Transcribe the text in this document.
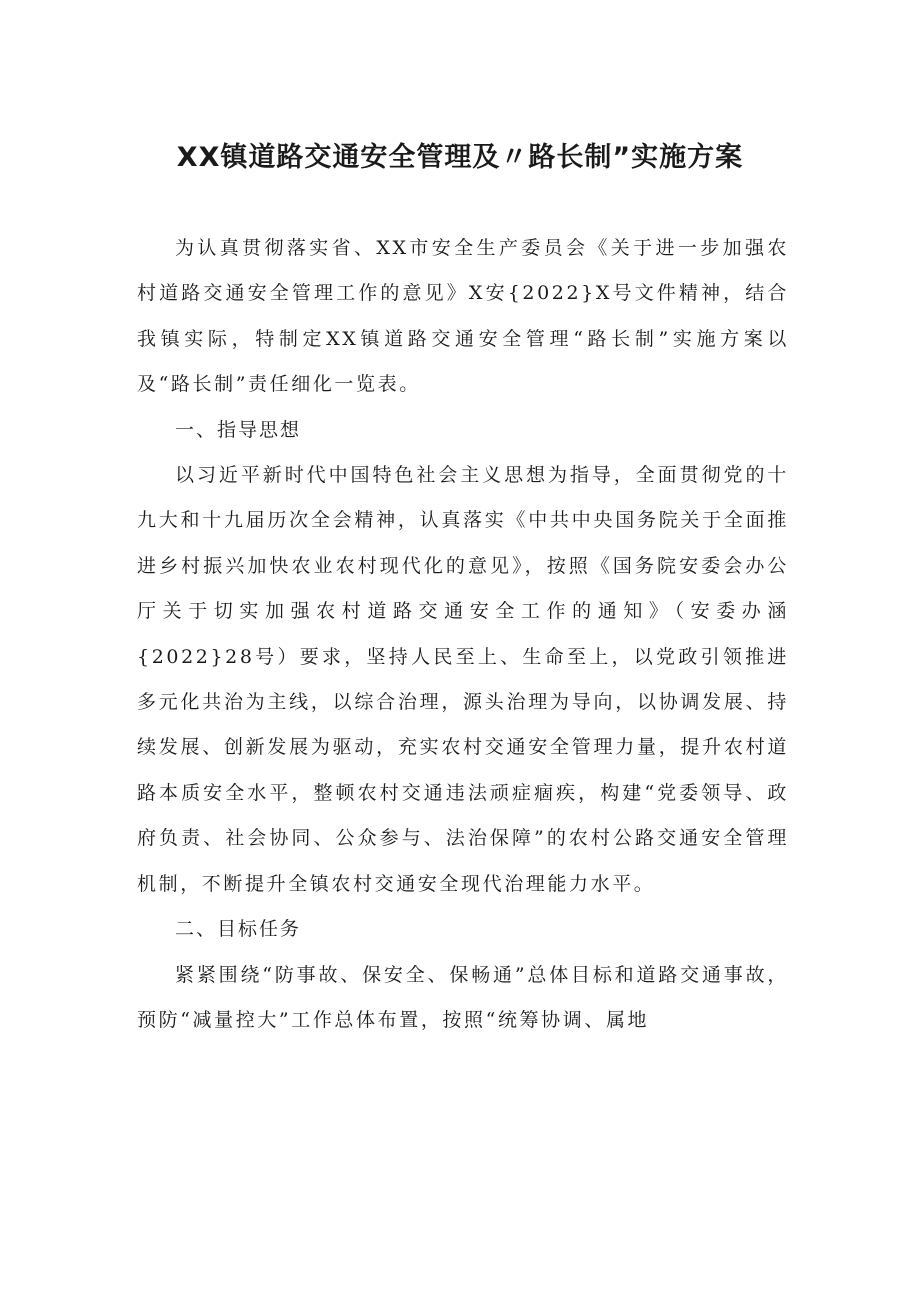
XX镇道路交通安全管理及〃路长制”实施方案

为认真贯彻落实省、XX市安全生产委员会《关于进一步加强农村道路交通安全管理工作的意见》X安{2022}X号文件精神，结合我镇实际，特制定XX镇道路交通安全管理“路长制”实施方案以及“路长制”责任细化一览表。

一、指导思想

以习近平新时代中国特色社会主义思想为指导，全面贯彻党的十九大和十九届历次全会精神，认真落实《中共中央国务院关于全面推进乡村振兴加快农业农村现代化的意见》，按照《国务院安委会办公厅关于切实加强农村道路交通安全工作的通知》（安委办涵{2022}28号）要求，坚持人民至上、生命至上，以党政引领推进多元化共治为主线，以综合治理，源头治理为导向，以协调发展、持续发展、创新发展为驱动，充实农村交通安全管理力量，提升农村道路本质安全水平，整顿农村交通违法顽症痼疾，构建“党委领导、政府负责、社会协同、公众参与、法治保障”的农村公路交通安全管理机制，不断提升全镇农村交通安全现代治理能力水平。

二、目标任务

紧紧围绕“防事故、保安全、保畅通”总体目标和道路交通事故，预防“减量控大”工作总体布置，按照“统筹协调、属地
